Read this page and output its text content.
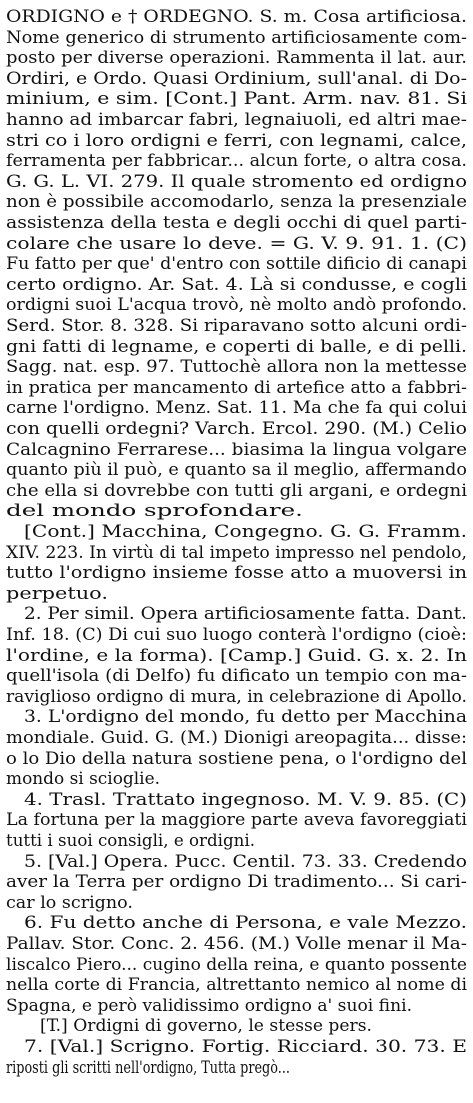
ORDIGNO e † ORDEGNO. S. m. Cosa artificiosa.
Nome generico di strumento artificiosamente com-
posto per diverse operazioni. Rammenta il lat. aur.
Ordiri, e Ordo. Quasi Ordinium, sull'anal. di Do-
minium, e sim. [Cont.] Pant. Arm. nav. 81. Si
hanno ad imbarcar fabri, legnaiuoli, ed altri mae-
stri co i loro ordigni e ferri, con legnami, calce,
ferramenta per fabbricar... alcun forte, o altra cosa.
G. G. L. VI. 279. Il quale stromento ed ordigno
non è possibile accomodarlo, senza la presenziale
assistenza della testa e degli occhi di quel parti-
colare che usare lo deve. = G. V. 9. 91. 1. (C)
Fu fatto per que' d'entro con sottile dificio di canapi
certo ordigno. Ar. Sat. 4. Là si condusse, e cogli
ordigni suoi L'acqua trovò, nè molto andò profondo.
Serd. Stor. 8. 328. Si riparavano sotto alcuni ordi-
gni fatti di legname, e coperti di balle, e di pelli.
Sagg. nat. esp. 97. Tuttochè allora non la mettesse
in pratica per mancamento di artefice atto a fabbri-
carne l'ordigno. Menz. Sat. 11. Ma che fa qui colui
con quelli ordegni? Varch. Ercol. 290. (M.) Celio
Calcagnino Ferrarese... biasima la lingua volgare
quanto più il può, e quanto sa il meglio, affermando
che ella si dovrebbe con tutti gli argani, e ordegni
del mondo sprofondare.
[Cont.] Macchina, Congegno. G. G. Framm.
XIV. 223. In virtù di tal impeto impresso nel pendolo,
tutto l'ordigno insieme fosse atto a muoversi in
perpetuo.
2. Per simil. Opera artificiosamente fatta. Dant.
Inf. 18. (C) Di cui suo luogo conterà l'ordigno (cioè:
l'ordine, e la forma). [Camp.] Guid. G. x. 2. In
quell'isola (di Delfo) fu dificato un tempio con ma-
raviglioso ordigno di mura, in celebrazione di Apollo.
3. L'ordigno del mondo, fu detto per Macchina
mondiale. Guid. G. (M.) Dionigi areopagita... disse:
o lo Dio della natura sostiene pena, o l'ordigno del
mondo si scioglie.
4. Trasl. Trattato ingegnoso. M. V. 9. 85. (C)
La fortuna per la maggiore parte aveva favoreggiati
tutti i suoi consigli, e ordigni.
5. [Val.] Opera. Pucc. Centil. 73. 33. Credendo
aver la Terra per ordigno Di tradimento... Si cari-
car lo scrigno.
6. Fu detto anche di Persona, e vale Mezzo.
Pallav. Stor. Conc. 2. 456. (M.) Volle menar il Ma-
liscalco Piero... cugino della reina, e quanto possente
nella corte di Francia, altrettanto nemico al nome di
Spagna, e però validissimo ordigno a' suoi fini.
[T.] Ordigni di governo, le stesse pers.
7. [Val.] Scrigno. Fortig. Ricciard. 30. 73. E
riposti gli scritti nell'ordigno, Tutta pregò...
